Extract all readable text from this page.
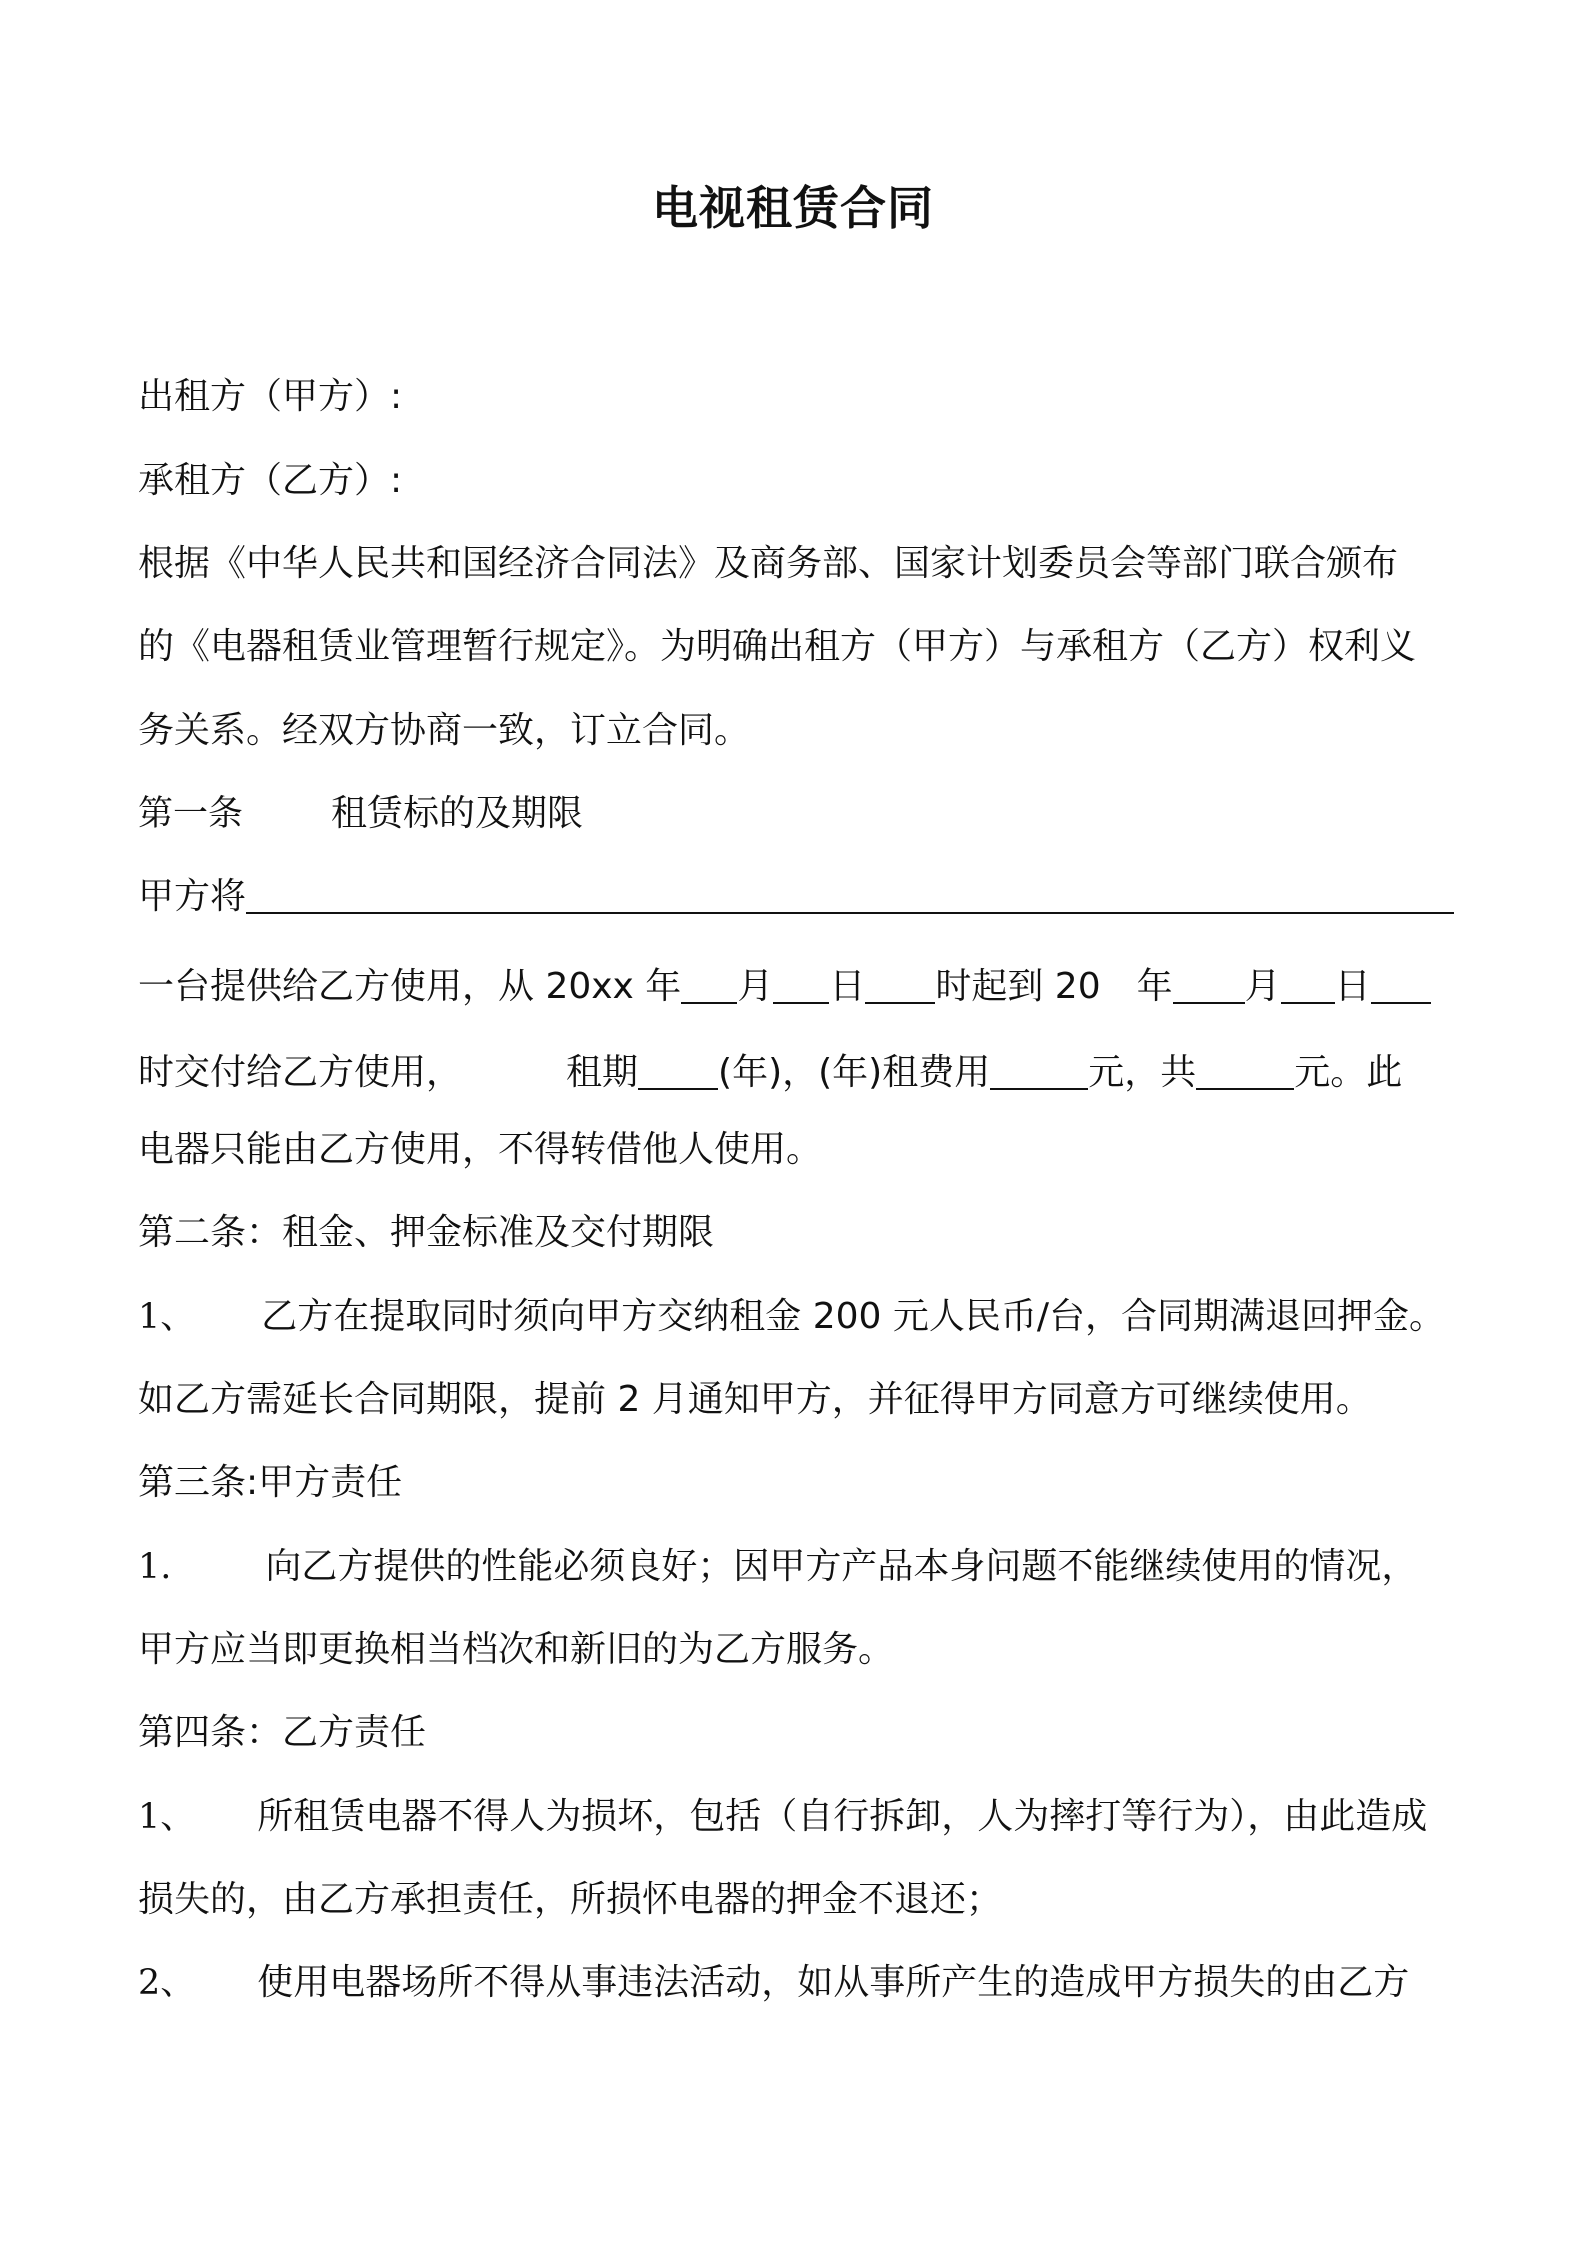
电视租赁合同
出租方（甲方）:
承租方（乙方）:
根据《中华人民共和国经济合同法》及商务部、国家计划委员会等部门联合颁布
的《电器租赁业管理暂行规定》。为明确出租方（甲方）与承租方（乙方）权利义
务关系。经双方协商一致，订立合同。
第一条 租赁标的及期限
甲方将
一台提供给乙方使用，从 20xx 年 月 日 时起到 20 年 月 日
时交付给乙方使用，	租期 (年)，(年)租费用	元，共	元。此
电器只能由乙方使用，不得转借他人使用。
第二条：租金、押金标准及交付期限
1、 乙方在提取同时须向甲方交纳租金 200 元人民币/台，合同期满退回押金。
如乙方需延长合同期限，提前 2 月通知甲方，并征得甲方同意方可继续使用。
第三条:甲方责任
1.	向乙方提供的性能必须良好；因甲方产品本身问题不能继续使用的情况，
甲方应当即更换相当档次和新旧的为乙方服务。
第四条：乙方责任
1、 所租赁电器不得人为损坏，包括（自行拆卸，人为摔打等行为），由此造成
损失的，由乙方承担责任，所损怀电器的押金不退还；
2、 使用电器场所不得从事违法活动，如从事所产生的造成甲方损失的由乙方
